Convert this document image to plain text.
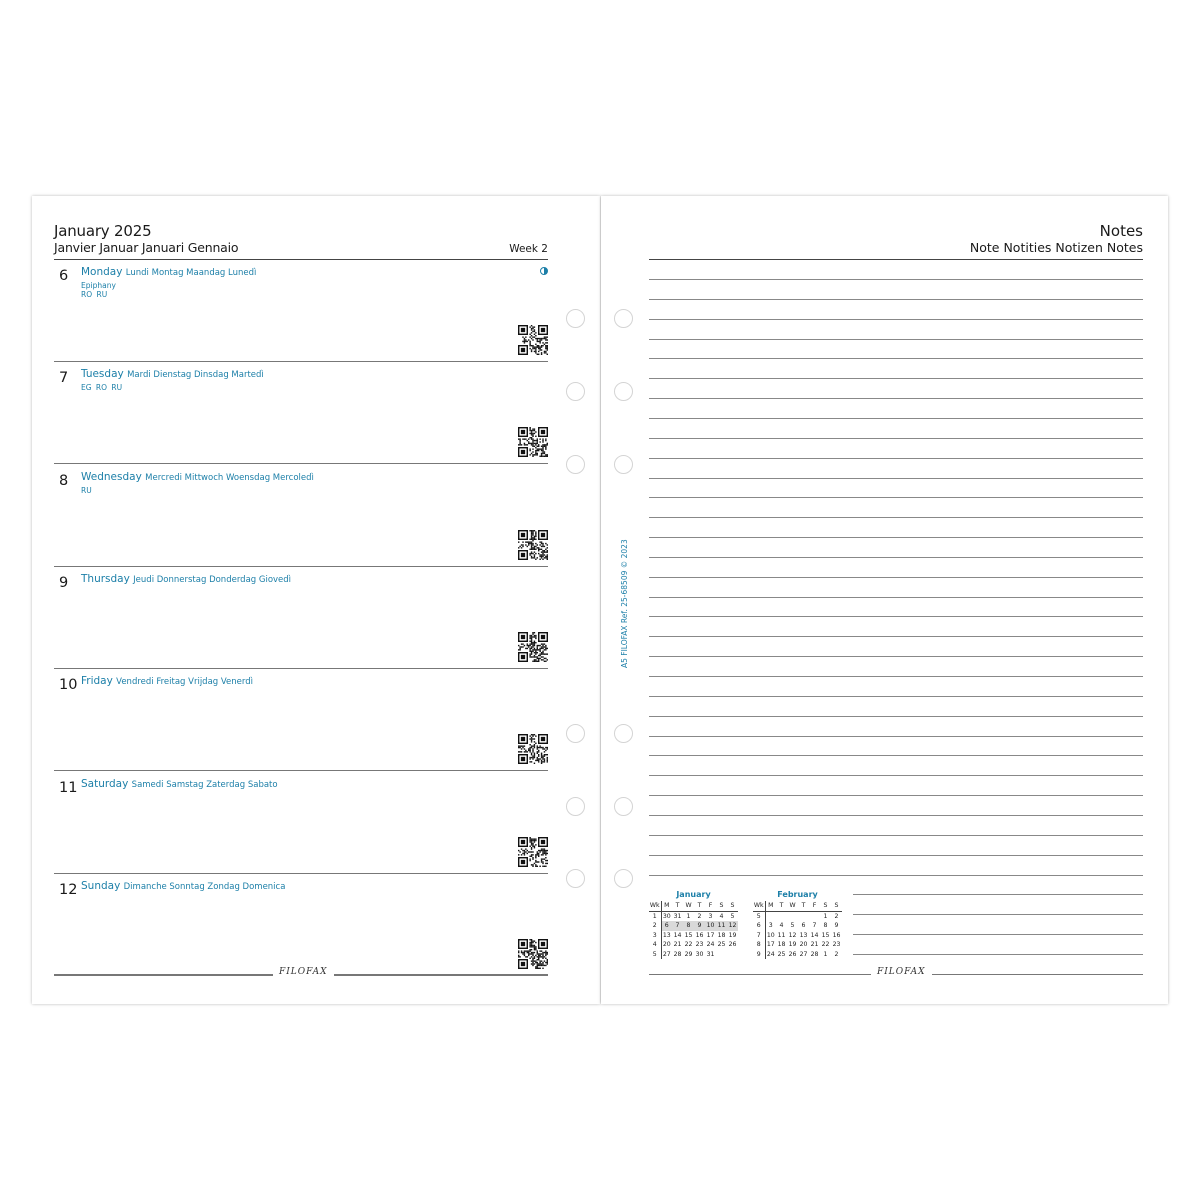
January 2025
Janvier Januar Januari Gennaio	Week 2
6 Monday Lundi Montag Maandag Lunedì
Epiphany
RO RU
7 Tuesday Mardi Dienstag Dinsdag Martedì
EG RO RU
8 Wednesday Mercredi Mittwoch Woensdag Mercoledì
RU
9 Thursday Jeudi Donnerstag Donderdag Giovedì
10 Friday Vendredi Freitag Vrijdag Venerdì
11 Saturday Samedi Samstag Zaterdag Sabato
12 Sunday Dimanche Sonntag Zondag Domenica
FILOFAX
Notes
Note Notities Notizen Notes
A5 FILOFAX Ref. 25-68509 © 2023
January
Wk	M	T	W	T	F	S	S
1	30	31	1	2	3	4	5
2	6	7	8	9	10	11	12
3	13	14	15	16	17	18	19
4	20	21	22	23	24	25	26
5	27	28	29	30	31		
February
Wk	M	T	W	T	F	S	S
5						1	2
6	3	4	5	6	7	8	9
7	10	11	12	13	14	15	16
8	17	18	19	20	21	22	23
9	24	25	26	27	28	1	2
FILOFAX
